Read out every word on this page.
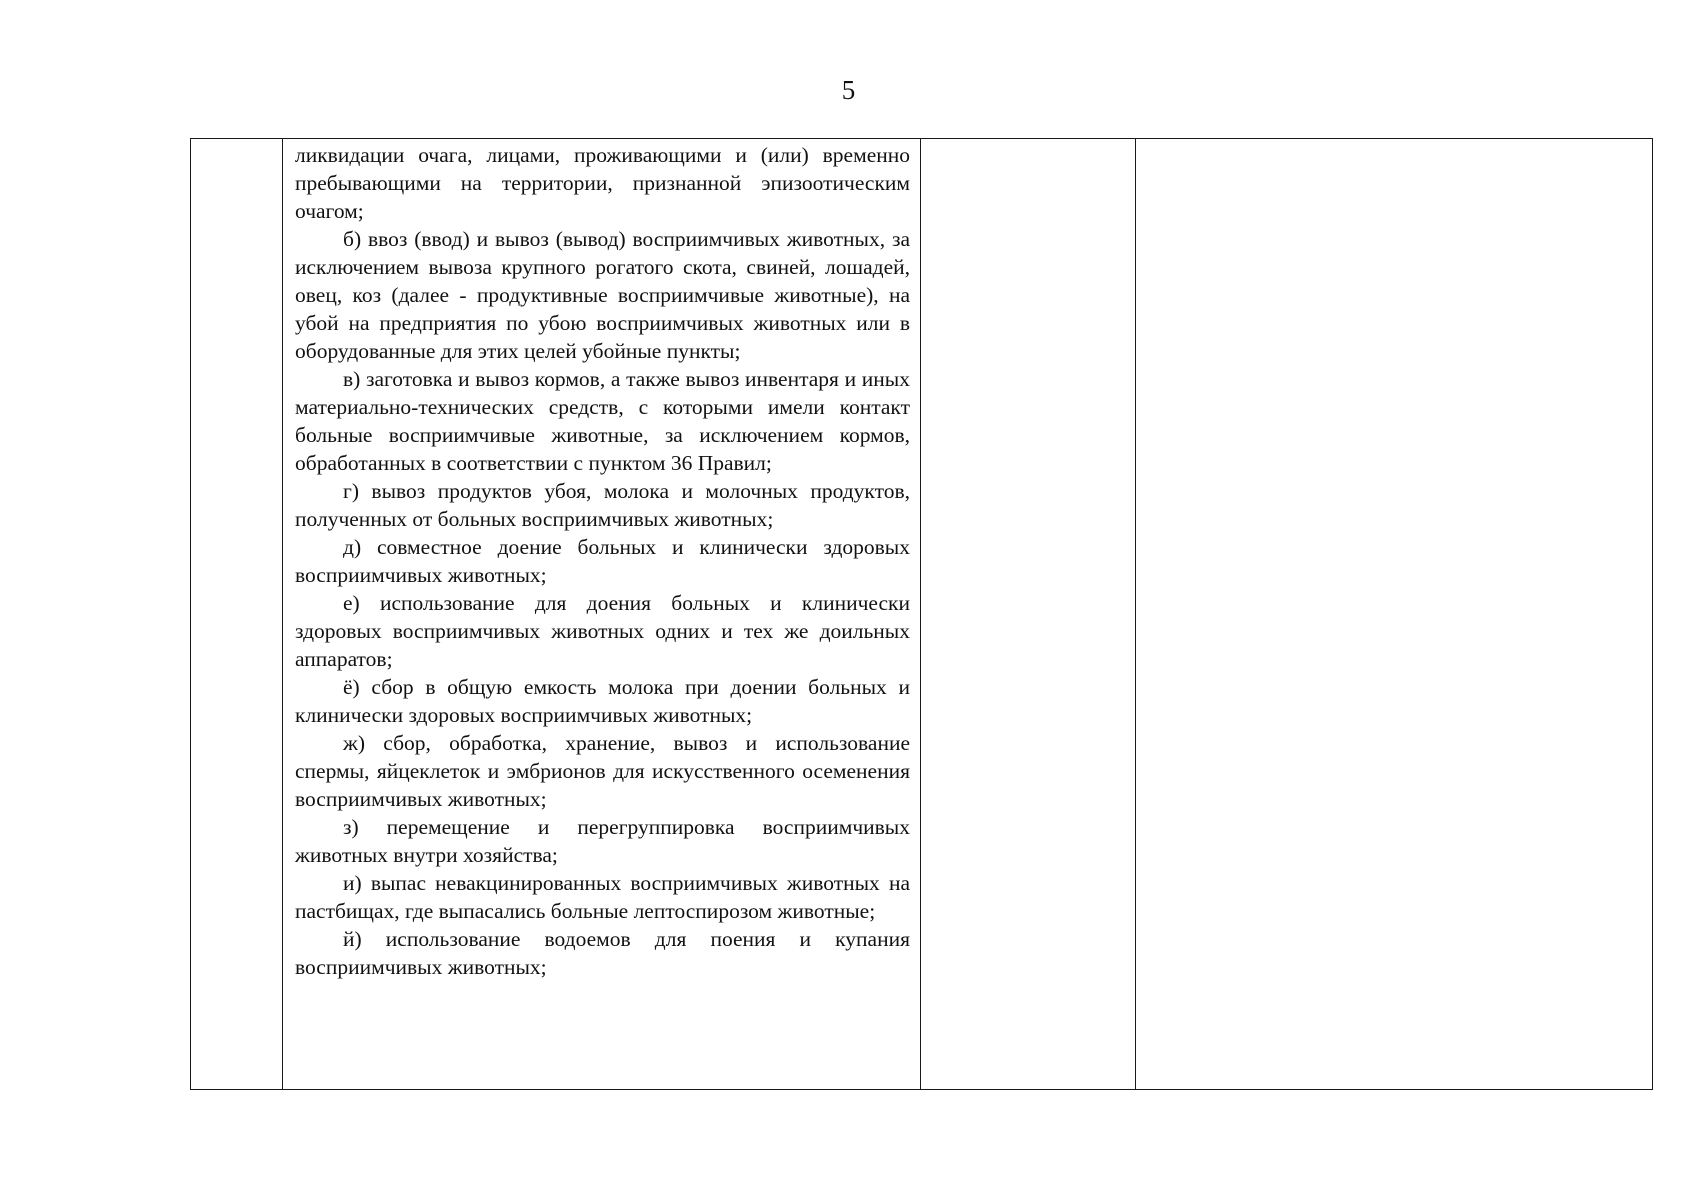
5

ликвидации очага, лицами, проживающими и (или) временно пребывающими на территории, признанной эпизоотическим очагом;

б) ввоз (ввод) и вывоз (вывод) восприимчивых животных, за исключением вывоза крупного рогатого скота, свиней, лошадей, овец, коз (далее - продуктивные восприимчивые животные), на убой на предприятия по убою восприимчивых животных или в оборудованные для этих целей убойные пункты;

в) заготовка и вывоз кормов, а также вывоз инвентаря и иных материально-технических средств, с которыми имели контакт больные восприимчивые животные, за исключением кормов, обработанных в соответствии с пунктом 36 Правил;

г) вывоз продуктов убоя, молока и молочных продуктов, полученных от больных восприимчивых животных;

д) совместное доение больных и клинически здоровых восприимчивых животных;

е) использование для доения больных и клинически здоровых восприимчивых животных одних и тех же доильных аппаратов;

ё) сбор в общую емкость молока при доении больных и клинически здоровых восприимчивых животных;

ж) сбор, обработка, хранение, вывоз и использование спермы, яйцеклеток и эмбрионов для искусственного осеменения восприимчивых животных;

з) перемещение и перегруппировка восприимчивых животных внутри хозяйства;

и) выпас невакцинированных восприимчивых животных на пастбищах, где выпасались больные лептоспирозом животные;

й) использование водоемов для поения и купания восприимчивых животных;
